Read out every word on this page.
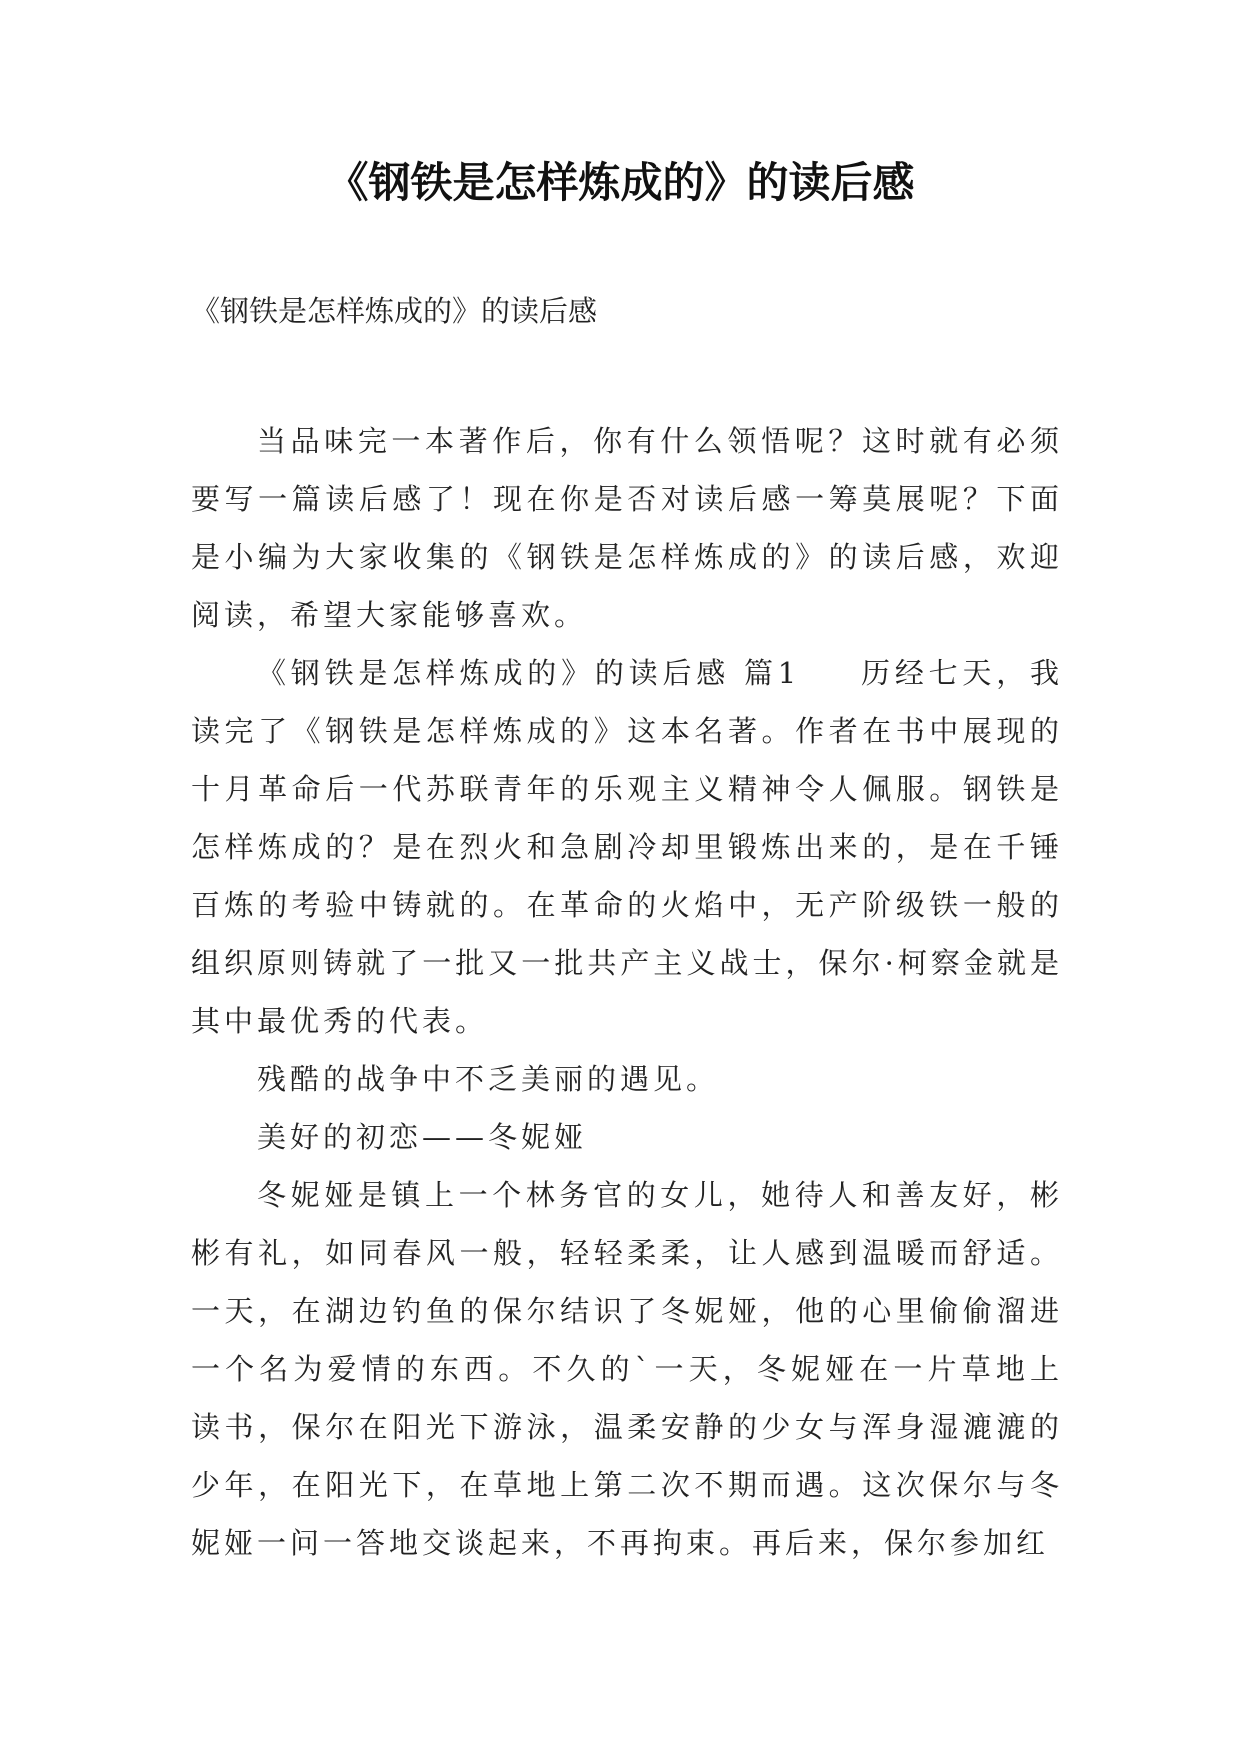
《钢铁是怎样炼成的》的读后感
《钢铁是怎样炼成的》的读后感

当品味完一本著作后，你有什么领悟呢？这时就有必须要写一篇读后感了！现在你是否对读后感一筹莫展呢？下面是小编为大家收集的《钢铁是怎样炼成的》的读后感，欢迎阅读，希望大家能够喜欢。

《钢铁是怎样炼成的》的读后感 篇1 历经七天，我读完了《钢铁是怎样炼成的》这本名著。作者在书中展现的十月革命后一代苏联青年的乐观主义精神令人佩服。钢铁是怎样炼成的？是在烈火和急剧冷却里锻炼出来的，是在千锤百炼的考验中铸就的。在革命的火焰中，无产阶级铁一般的组织原则铸就了一批又一批共产主义战士，保尔·柯察金就是其中最优秀的代表。

残酷的战争中不乏美丽的遇见。

美好的初恋——冬妮娅

冬妮娅是镇上一个林务官的女儿，她待人和善友好，彬彬有礼，如同春风一般，轻轻柔柔，让人感到温暖而舒适。一天，在湖边钓鱼的保尔结识了冬妮娅，他的心里偷偷溜进一个名为爱情的东西。不久的`一天，冬妮娅在一片草地上读书，保尔在阳光下游泳，温柔安静的少女与浑身湿漉漉的少年，在阳光下，在草地上第二次不期而遇。这次保尔与冬妮娅一问一答地交谈起来，不再拘束。再后来，保尔参加红
